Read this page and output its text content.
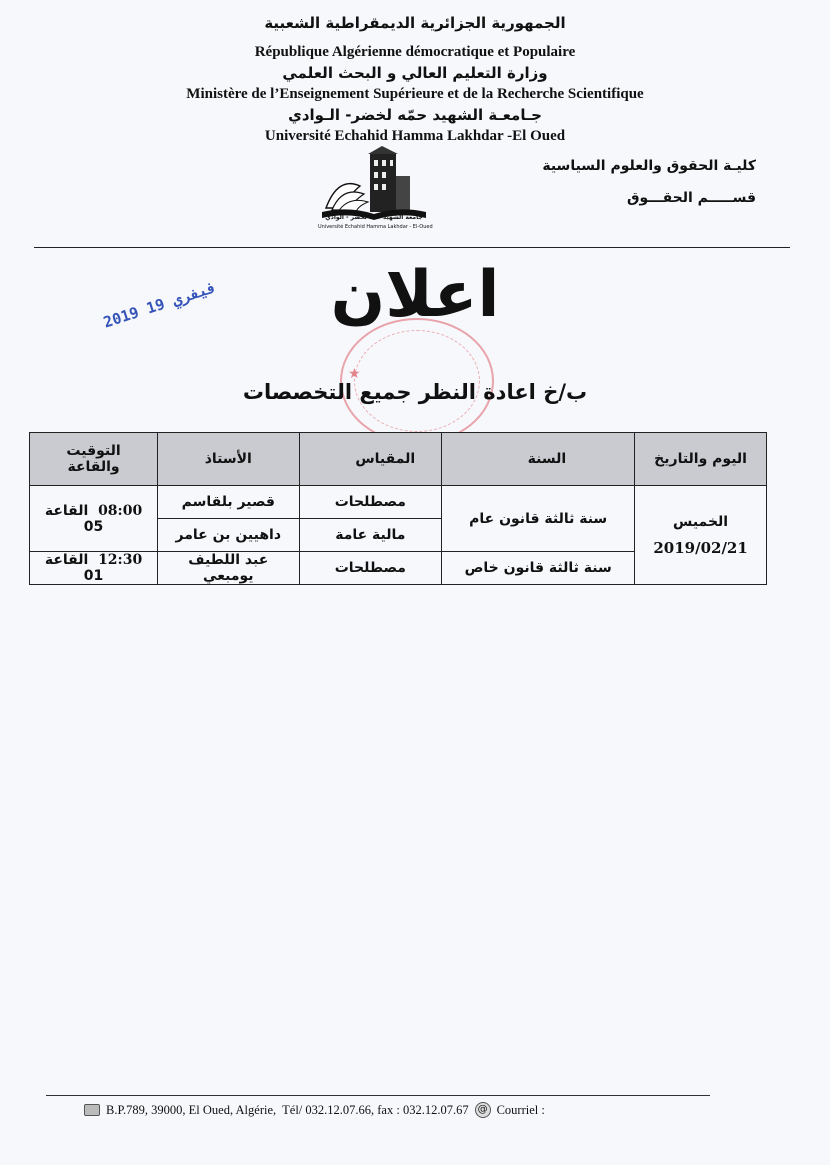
الجمهورية الجزائرية الديمقراطية الشعبية
République Algérienne démocratique et Populaire
وزارة التعليم العالي و البحث العلمي
Ministère de l’Enseignement Supérieure et de la Recherche Scientifique
جـامعـة الشهيد حمّه لخضر- الـوادي
Université Echahid Hamma Lakhdar -El Oued
كليـة الحقوق والعلوم السياسية
قســـــم الحقـــوق
جامعة الشهيد حمّه لخضر - الوادي
Université Echahid Hamma Lakhdar - El-Oued
★
اعلان
2019 فيفري 19
ب/خ اعادة النظر جميع التخصصات
اليوم والتاريخ	السنة	المقياس	الأستاذ	التوقيت والقاعة

الخميس
2019/02/21	سنة ثالثة قانون عام	مصطلحات	قصير بلقاسم	08:00  القاعة 05
		مالية عامة	داهيين بن عامر	
	سنة ثالثة قانون خاص	مصطلحات	عبد اللطيف يومبعي	12:30  القاعة 01
B.P.789, 39000, El Oued, Algérie, Tél/ 032.12.07.66, fax : 032.12.07.67 @ Courriel :
